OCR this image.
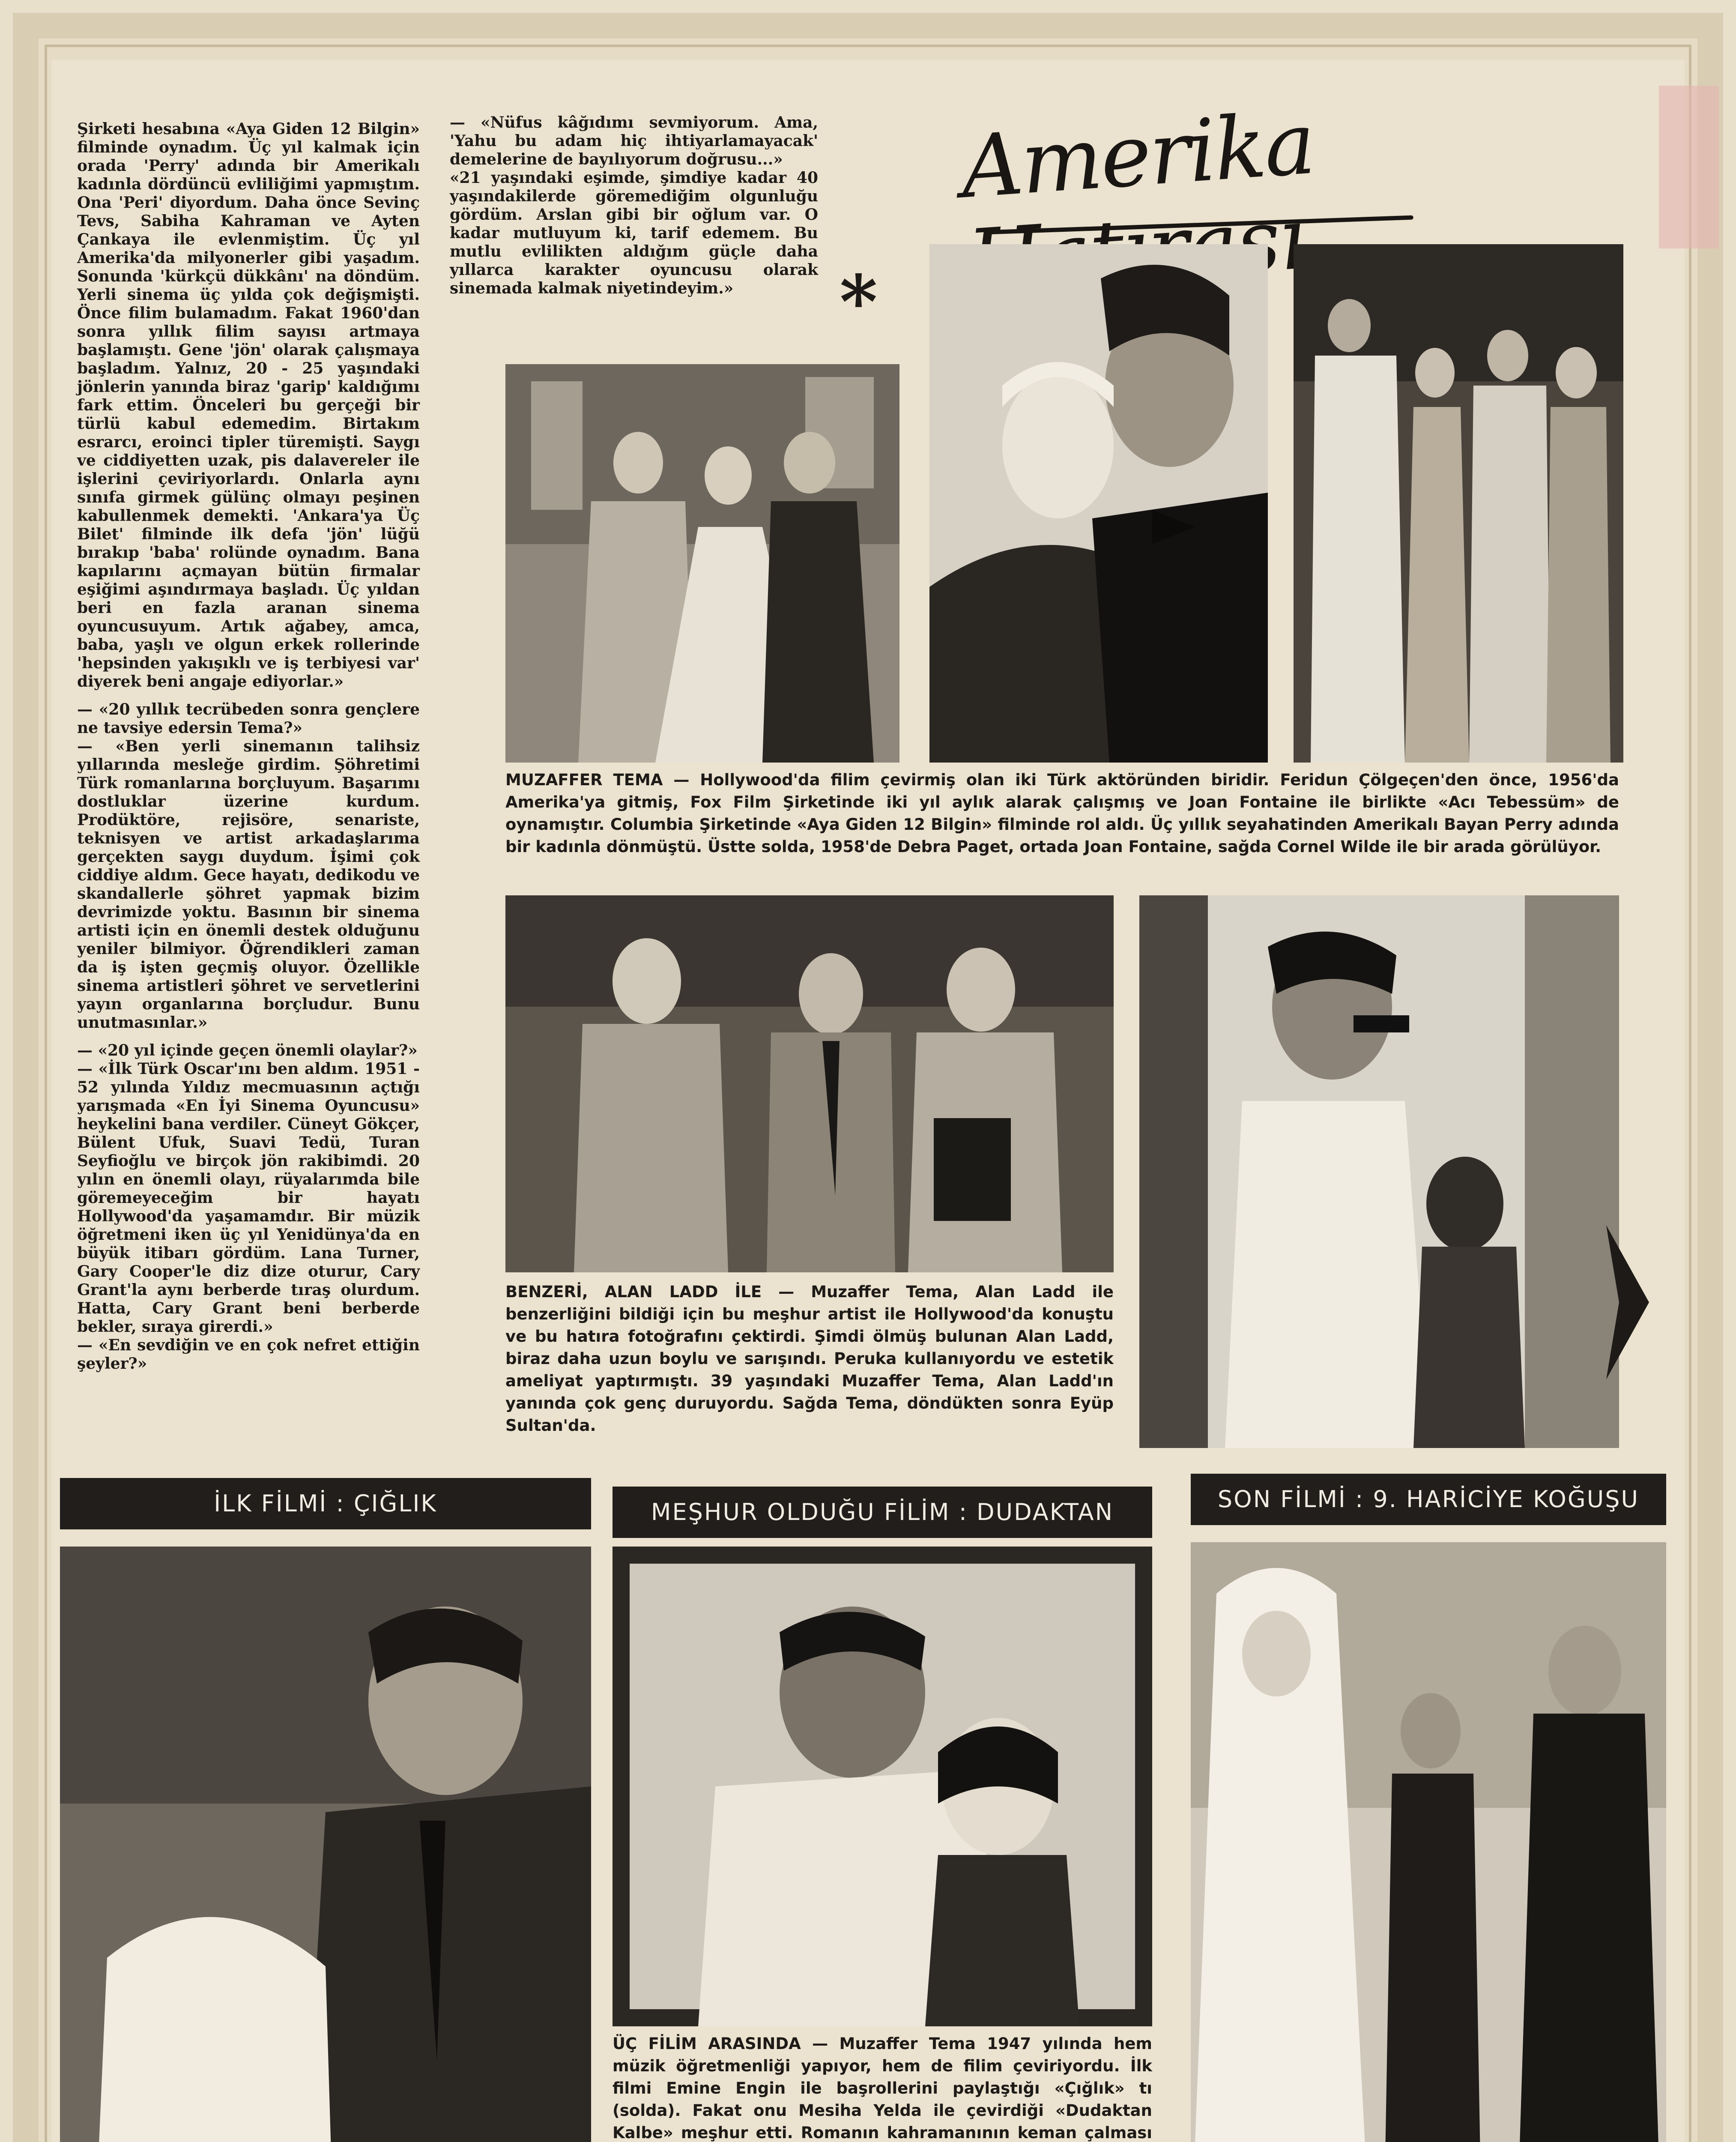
Amerika

Şirketi hesabına «Aya Giden 12 Bilgin» filminde oynadım. Üç yıl kalmak için orada 'Perry' adında bir Amerikalı kadınla dördüncü evliliğimi yapmıştım. Ona 'Peri' diyordum. Daha önce Sevinç Tevs, Sabiha Kahraman ve Ayten Çankaya ile evlenmiştim. Üç yıl Amerika'da milyonerler gibi yaşadım. Sonunda 'kürkçü dükkânı' na döndüm. Yerli sinema üç yılda çok değişmişti. Önce filim bulamadım. Fakat 1960'dan sonra yıllık filim sayısı artmaya başlamıştı. Gene 'jön' olarak çalışmaya başladım. Yalnız, 20 - 25 yaşındaki jönlerin yanında biraz 'garip' kaldığımı fark ettim. Önceleri bu gerçeği bir türlü kabul edemedim. Birtakım esrarcı, eroinci tipler türemişti. Saygı ve ciddiyetten uzak, pis dalavereler ile işlerini çeviriyorlardı. Onlarla aynı sınıfa girmek gülünç olmayı peşinen kabullenmek demekti. 'Ankara'ya Üç Bilet' filminde ilk defa 'jön' lüğü bırakıp 'baba' rolünde oynadım. Bana kapılarını açmayan bütün firmalar eşiğimi aşındırmaya başladı. Üç yıldan beri en fazla aranan sinema oyuncusuyum. Artık ağabey, amca, baba, yaşlı ve olgun erkek rollerinde 'hepsinden yakışıklı ve iş terbiyesi var' diyerek beni angaje ediyorlar.»

— «20 yıllık tecrübeden sonra gençlere ne tavsiye edersin Tema?»

— «Ben yerli sinemanın talihsiz yıllarında mesleğe girdim. Şöhretimi Türk romanlarına borçluyum. Başarımı dostluklar üzerine kurdum. Prodüktöre, rejisöre, senariste, teknisyen ve artist arkadaşlarıma gerçekten saygı duydum. İşimi çok ciddiye aldım. Gece hayatı, dedikodu ve skandallerle şöhret yapmak bizim devrimizde yoktu. Basının bir sinema artisti için en önemli destek olduğunu yeniler bilmiyor. Öğrendikleri zaman da iş işten geçmiş oluyor. Özellikle sinema artistleri şöhret ve servetlerini yayın organlarına borçludur. Bunu unutmasınlar.»

— «20 yıl içinde geçen önemli olaylar?»

— «İlk Türk Oscar'ını ben aldım. 1951 - 52 yılında Yıldız mecmuasının açtığı yarışmada «En İyi Sinema Oyuncusu» heykelini bana verdiler. Cüneyt Gökçer, Bülent Ufuk, Suavi Tedü, Turan Seyfioğlu ve birçok jön rakibimdi. 20 yılın en önemli olayı, rüyalarımda bile göremeyeceğim bir hayatı Hollywood'da yaşamamdır. Bir müzik öğretmeni iken üç yıl Yenidünya'da en büyük itibarı gördüm. Lana Turner, Gary Cooper'le diz dize oturur, Cary Grant'la aynı berberde tıraş olurdum. Hatta, Cary Grant beni berberde bekler, sıraya girerdi.»

— «En sevdiğin ve en çok nefret ettiğin şeyler?»

— «Nüfus kâğıdımı sevmiyorum. Ama, 'Yahu bu adam hiç ihtiyarlamayacak' demelerine de bayılıyorum doğrusu...»

«21 yaşındaki eşimde, şimdiye kadar 40 yaşındakilerde göremediğim olgunluğu gördüm. Arslan gibi bir oğlum var. O kadar mutluyum ki, tarif edemem. Bu mutlu evlilikten aldığım güçle daha yıllarca karakter oyuncusu olarak sinemada kalmak niyetindeyim.»	*
MUZAFFER TEMA — Hollywood'da filim çevirmiş olan iki Türk aktöründen biridir. Feridun Çölgeçen'den önce, 1956'da Amerika'ya gitmiş, Fox Film Şirketinde iki yıl aylık alarak çalışmış ve Joan Fontaine ile birlikte «Acı Tebessüm» de oynamıştır. Columbia Şirketinde «Aya Giden 12 Bilgin» filminde rol aldı. Üç yıllık seyahatinden Amerikalı Bayan Perry adında bir kadınla dönmüştü. Üstte solda, 1958'de Debra Paget, ortada Joan Fontaine, sağda Cornel Wilde ile bir arada görülüyor.
BENZERİ, ALAN LADD İLE — Muzaffer Tema, Alan Ladd ile benzerliğini bildiği için bu meşhur artist ile Hollywood'da konuştu ve bu hatıra fotoğrafını çektirdi. Şimdi ölmüş bulunan Alan Ladd, biraz daha uzun boylu ve sarışındı. Peruka kullanıyordu ve estetik ameliyat yaptırmıştı. 39 yaşındaki Muzaffer Tema, Alan Ladd'ın yanında çok genç duruyordu. Sağda Tema, döndükten sonra Eyüp Sultan'da.
İLK FİLMİ : ÇIĞLIK	MEŞHUR OLDUĞU FİLİM : DUDAKTAN	SON FİLMİ : 9. HARİCİYE KOĞUŞU
ÜÇ FİLİM ARASINDA — Muzaffer Tema 1947 yılında hem müzik öğretmenliği yapıyor, hem de filim çeviriyordu. İlk filmi Emine Engin ile başrollerini paylaştığı «Çığlık» tı (solda). Fakat onu Mesiha Yelda ile çevirdiği «Dudaktan Kalbe» meşhur etti. Romanın kahramanının keman çalması
